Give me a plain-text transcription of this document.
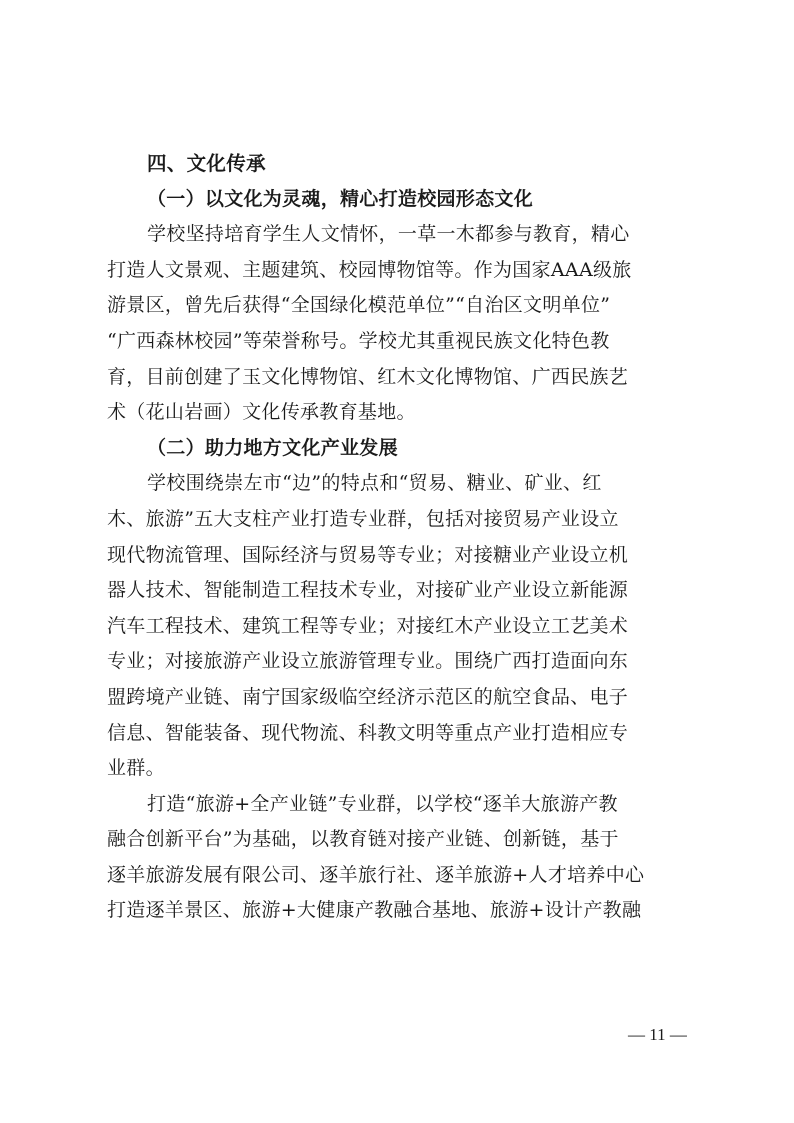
四、文化传承
（一）以文化为灵魂，精心打造校园形态文化
学校坚持培育学生人文情怀，一草一木都参与教育，精心
打造人文景观、主题建筑、校园博物馆等。作为国家AAA级旅
游景区，曾先后获得“全国绿化模范单位”“自治区文明单位”
“广西森林校园”等荣誉称号。学校尤其重视民族文化特色教
育，目前创建了玉文化博物馆、红木文化博物馆、广西民族艺
术（花山岩画）文化传承教育基地。
（二）助力地方文化产业发展
学校围绕崇左市“边”的特点和“贸易、糖业、矿业、红
木、旅游”五大支柱产业打造专业群，包括对接贸易产业设立
现代物流管理、国际经济与贸易等专业；对接糖业产业设立机
器人技术、智能制造工程技术专业，对接矿业产业设立新能源
汽车工程技术、建筑工程等专业；对接红木产业设立工艺美术
专业；对接旅游产业设立旅游管理专业。围绕广西打造面向东
盟跨境产业链、南宁国家级临空经济示范区的航空食品、电子
信息、智能装备、现代物流、科教文明等重点产业打造相应专
业群。
打造“旅游+全产业链”专业群，以学校“逐羊大旅游产教
融合创新平台”为基础，以教育链对接产业链、创新链，基于
逐羊旅游发展有限公司、逐羊旅行社、逐羊旅游+人才培养中心
打造逐羊景区、旅游+大健康产教融合基地、旅游+设计产教融
— 11 —
